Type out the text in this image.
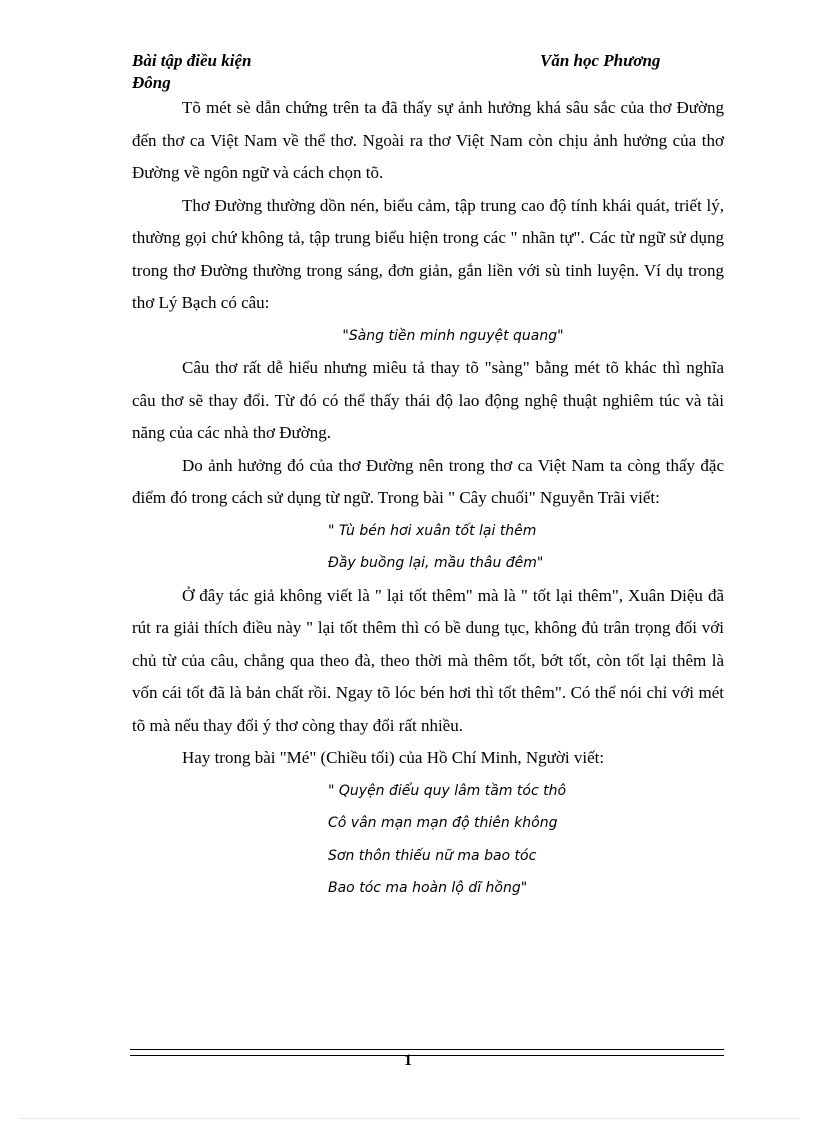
Bài tập điều kiện
Đông
Văn học Phương

Tõ mét sè dẫn chứng trên ta đã thấy sự ảnh hưởng khá sâu sắc của thơ Đường đến thơ ca Việt Nam về thể thơ. Ngoài ra thơ Việt Nam còn chịu ảnh hưởng của thơ Đường về ngôn ngữ và cách chọn tõ.

Thơ Đường thường dồn nén, biểu cảm, tập trung cao độ tính khái quát, triết lý, thường gọi chứ không tả, tập trung biểu hiện trong các " nhãn tự". Các từ ngữ sử dụng trong thơ Đường thường trong sáng, đơn giản, gắn liền với sù tinh luyện. Ví dụ trong thơ Lý Bạch có câu:

"Sàng tiền minh nguyệt quang"

Câu thơ rất dễ hiểu nhưng miêu tả thay tõ "sàng" bằng mét tõ khác thì nghĩa câu thơ sẽ thay đổi. Từ đó có thể thấy thái độ lao động nghệ thuật nghiêm túc và tài năng của các nhà thơ Đường.

Do ảnh hưởng đó của thơ Đường nên trong thơ ca Việt Nam ta còng thấy đặc điểm đó trong cách sử dụng từ ngữ. Trong bài " Cây chuối" Nguyễn Trãi viết:

" Tù bén hơi xuân tốt lại thêm

Đầy buồng lại, mầu thâu đêm"

Ở đây tác giả không viết là " lại tốt thêm" mà là " tốt lại thêm", Xuân Diệu đã rút ra giải thích điều này " lại tốt thêm thì có bề dung tục, không đủ trân trọng đối với chủ từ của câu, chẳng qua theo đà, theo thời mà thêm tốt, bớt tốt, còn tốt lại thêm là vốn cái tốt đã là bản chất rồi. Ngay tõ lóc bén hơi thì tốt thêm". Có thể nói chỉ với mét tõ mà nếu thay đổi ý thơ còng thay đổi rất nhiều.

Hay trong bài "Mé" (Chiều tối) của Hồ Chí Minh, Người viết:

" Quyện điểu quy lâm tầm tóc thô

Cô vân mạn mạn độ thiên không

Sơn thôn thiếu nữ ma bao tóc

Bao tóc ma hoàn lộ dĩ hồng"

1
